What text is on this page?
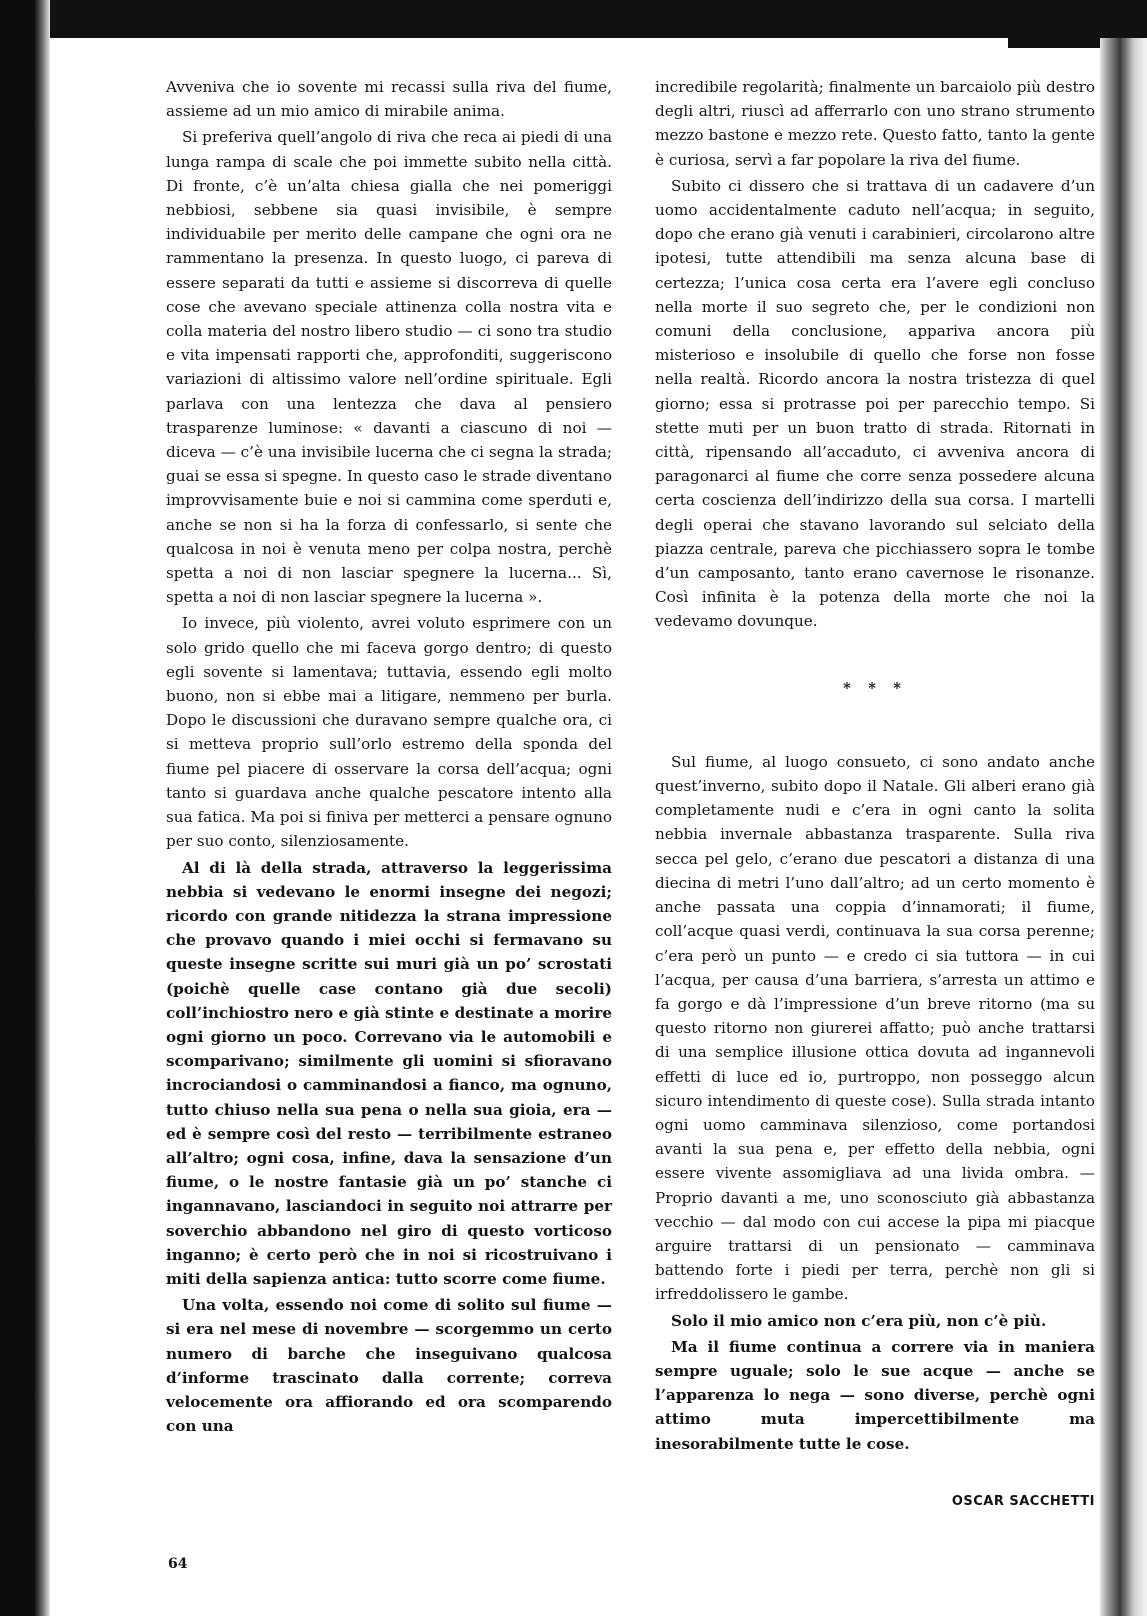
Avveniva che io sovente mi recassi sulla riva del fiume, assieme ad un mio amico di mirabile anima.

Si preferiva quell’angolo di riva che reca ai piedi di una lunga rampa di scale che poi immette subito nella città. Di fronte, c’è un’alta chiesa gialla che nei pomeriggi nebbiosi, sebbene sia quasi invisibile, è sempre individuabile per merito delle campane che ogni ora ne rammentano la presenza. In questo luogo, ci pareva di essere separati da tutti e assieme si discorreva di quelle cose che avevano speciale attinenza colla nostra vita e colla materia del nostro libero studio — ci sono tra studio e vita impensati rapporti che, approfonditi, suggeriscono variazioni di altissimo valore nell’ordine spirituale. Egli parlava con una lentezza che dava al pensiero trasparenze luminose: « davanti a ciascuno di noi — diceva — c’è una invisibile lucerna che ci segna la strada; guai se essa si spegne. In questo caso le strade diventano improvvisamente buie e noi si cammina come sperduti e, anche se non si ha la forza di confessarlo, si sente che qualcosa in noi è venuta meno per colpa nostra, perchè spetta a noi di non lasciar spegnere la lucerna... Sì, spetta a noi di non lasciar spegnere la lucerna ».

Io invece, più violento, avrei voluto esprimere con un solo grido quello che mi faceva gorgo dentro; di questo egli sovente si lamentava; tuttavia, essendo egli molto buono, non si ebbe mai a litigare, nemmeno per burla. Dopo le discussioni che duravano sempre qualche ora, ci si metteva proprio sull’orlo estremo della sponda del fiume pel piacere di osservare la corsa dell’acqua; ogni tanto si guardava anche qualche pescatore intento alla sua fatica. Ma poi si finiva per metterci a pensare ognuno per suo conto, silenziosamente.

Al di là della strada, attraverso la leggerissima nebbia si vedevano le enormi insegne dei negozi; ricordo con grande nitidezza la strana impressione che provavo quando i miei occhi si fermavano su queste insegne scritte sui muri già un po’ scrostati (poichè quelle case contano già due secoli) coll’inchiostro nero e già stinte e destinate a morire ogni giorno un poco. Correvano via le automobili e scomparivano; similmente gli uomini si sfioravano incrociandosi o camminandosi a fianco, ma ognuno, tutto chiuso nella sua pena o nella sua gioia, era — ed è sempre così del resto — terribilmente estraneo all’altro; ogni cosa, infine, dava la sensazione d’un fiume, o le nostre fantasie già un po’ stanche ci ingannavano, lasciandoci in seguito noi attrarre per soverchio abbandono nel giro di questo vorticoso inganno; è certo però che in noi si ricostruivano i miti della sapienza antica: tutto scorre come fiume.

Una volta, essendo noi come di solito sul fiume — si era nel mese di novembre — scorgemmo un certo numero di barche che inseguivano qualcosa d’informe trascinato dalla corrente; correva velocemente ora affiorando ed ora scomparendo con una

incredibile regolarità; finalmente un barcaiolo più destro degli altri, riuscì ad afferrarlo con uno strano strumento mezzo bastone e mezzo rete. Questo fatto, tanto la gente è curiosa, servì a far popolare la riva del fiume.

Subito ci dissero che si trattava di un cadavere d’un uomo accidentalmente caduto nell’acqua; in seguito, dopo che erano già venuti i carabinieri, circolarono altre ipotesi, tutte attendibili ma senza alcuna base di certezza; l’unica cosa certa era l’avere egli concluso nella morte il suo segreto che, per le condizioni non comuni della conclusione, appariva ancora più misterioso e insolubile di quello che forse non fosse nella realtà. Ricordo ancora la nostra tristezza di quel giorno; essa si protrasse poi per parecchio tempo. Si stette muti per un buon tratto di strada. Ritornati in città, ripensando all’accaduto, ci avveniva ancora di paragonarci al fiume che corre senza possedere alcuna certa coscienza dell’indirizzo della sua corsa. I martelli degli operai che stavano lavorando sul selciato della piazza centrale, pareva che picchiassero sopra le tombe d’un camposanto, tanto erano cavernose le risonanze. Così infinita è la potenza della morte che noi la vedevamo dovunque.

* * *

Sul fiume, al luogo consueto, ci sono andato anche quest’inverno, subito dopo il Natale. Gli alberi erano già completamente nudi e c’era in ogni canto la solita nebbia invernale abbastanza trasparente. Sulla riva secca pel gelo, c’erano due pescatori a distanza di una diecina di metri l’uno dall’altro; ad un certo momento è anche passata una coppia d’innamorati; il fiume, coll’acque quasi verdi, continuava la sua corsa perenne; c’era però un punto — e credo ci sia tuttora — in cui l’acqua, per causa d’una barriera, s’arresta un attimo e fa gorgo e dà l’impressione d’un breve ritorno (ma su questo ritorno non giurerei affatto; può anche trattarsi di una semplice illusione ottica dovuta ad ingannevoli effetti di luce ed io, purtroppo, non posseggo alcun sicuro intendimento di queste cose). Sulla strada intanto ogni uomo camminava silenzioso, come portandosi avanti la sua pena e, per effetto della nebbia, ogni essere vivente assomigliava ad una livida ombra. — Proprio davanti a me, uno sconosciuto già abbastanza vecchio — dal modo con cui accese la pipa mi piacque arguire trattarsi di un pensionato — camminava battendo forte i piedi per terra, perchè non gli si irfreddolissero le gambe.

Solo il mio amico non c’era più, non c’è più.

Ma il fiume continua a correre via in maniera sempre uguale; solo le sue acque — anche se l’apparenza lo nega — sono diverse, perchè ogni attimo muta impercettibilmente ma inesorabilmente tutte le cose.

OSCAR SACCHETTI
64
